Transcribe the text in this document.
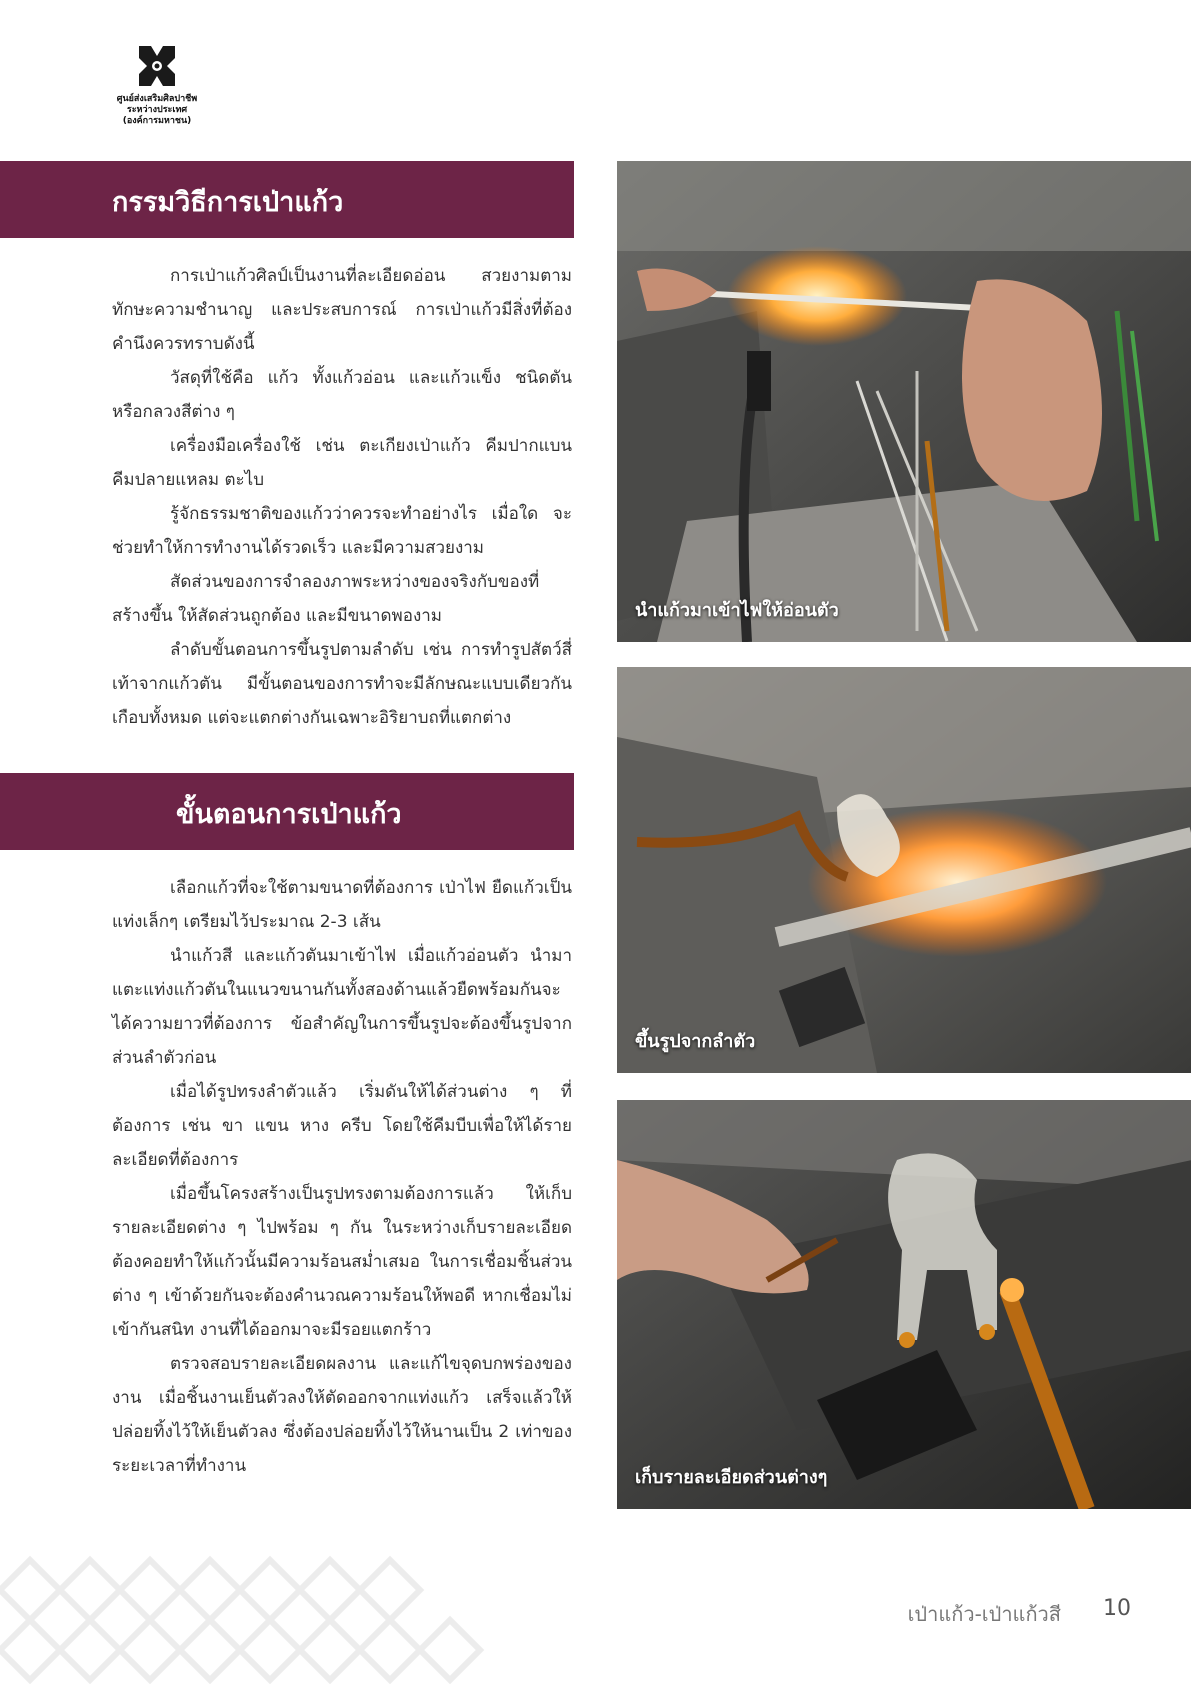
ศูนย์ส่งเสริมศิลปาชีพ
ระหว่างประเทศ
(องค์การมหาชน)
กรรมวิธีการเป่าแก้ว

การเป่าแก้วศิลป์เป็นงานที่ละเอียดอ่อน สวยงามตามทักษะความชำนาญ และประสบการณ์ การเป่าแก้วมีสิ่งที่ต้องคำนึงควรทราบดังนี้

วัสดุที่ใช้คือ แก้ว ทั้งแก้วอ่อน และแก้วแข็ง ชนิดตัน หรือกลวงสีต่าง ๆ

เครื่องมือเครื่องใช้ เช่น ตะเกียงเป่าแก้ว คีมปากแบน คีมปลายแหลม ตะไบ

รู้จักธรรมชาติของแก้วว่าควรจะทำอย่างไร เมื่อใด จะช่วยทำให้การทำงานได้รวดเร็ว และมีความสวยงาม

สัดส่วนของการจำลองภาพระหว่างของจริงกับของที่สร้างขึ้น ให้สัดส่วนถูกต้อง และมีขนาดพองาม

ลำดับขั้นตอนการขึ้นรูปตามลำดับ เช่น การทำรูปสัตว์สี่เท้าจากแก้วตัน มีขั้นตอนของการทำจะมีลักษณะแบบเดียวกันเกือบทั้งหมด แต่จะแตกต่างกันเฉพาะอิริยาบถที่แตกต่าง

ขั้นตอนการเป่าแก้ว

เลือกแก้วที่จะใช้ตามขนาดที่ต้องการ เป่าไฟ ยืดแก้วเป็นแท่งเล็กๆ เตรียมไว้ประมาณ 2-3 เส้น

นำแก้วสี และแก้วตันมาเข้าไฟ เมื่อแก้วอ่อนตัว นำมาแตะแท่งแก้วตันในแนวขนานกันทั้งสองด้านแล้วยืดพร้อมกันจะได้ความยาวที่ต้องการ ข้อสำคัญในการขึ้นรูปจะต้องขึ้นรูปจากส่วนลำตัวก่อน

เมื่อได้รูปทรงลำตัวแล้ว เริ่มดันให้ได้ส่วนต่าง ๆ ที่ต้องการ เช่น ขา แขน หาง ครีบ โดยใช้คีมบีบเพื่อให้ได้รายละเอียดที่ต้องการ

เมื่อขึ้นโครงสร้างเป็นรูปทรงตามต้องการแล้ว ให้เก็บรายละเอียดต่าง ๆ ไปพร้อม ๆ กัน ในระหว่างเก็บรายละเอียดต้องคอยทำให้แก้วนั้นมีความร้อนสม่ำเสมอ ในการเชื่อมชิ้นส่วนต่าง ๆ เข้าด้วยกันจะต้องคำนวณความร้อนให้พอดี หากเชื่อมไม่เข้ากันสนิท งานที่ได้ออกมาจะมีรอยแตกร้าว

ตรวจสอบรายละเอียดผลงาน และแก้ไขจุดบกพร่องของงาน เมื่อชิ้นงานเย็นตัวลงให้ตัดออกจากแท่งแก้ว เสร็จแล้วให้ปล่อยทิ้งไว้ให้เย็นตัวลง ซึ่งต้องปล่อยทิ้งไว้ให้นานเป็น 2 เท่าของระยะเวลาที่ทำงาน

นำแก้วมาเข้าไฟให้อ่อนตัว
ขึ้นรูปจากลำตัว
เก็บรายละเอียดส่วนต่างๆ
เป่าแก้ว-เป่าแก้วสี 10
